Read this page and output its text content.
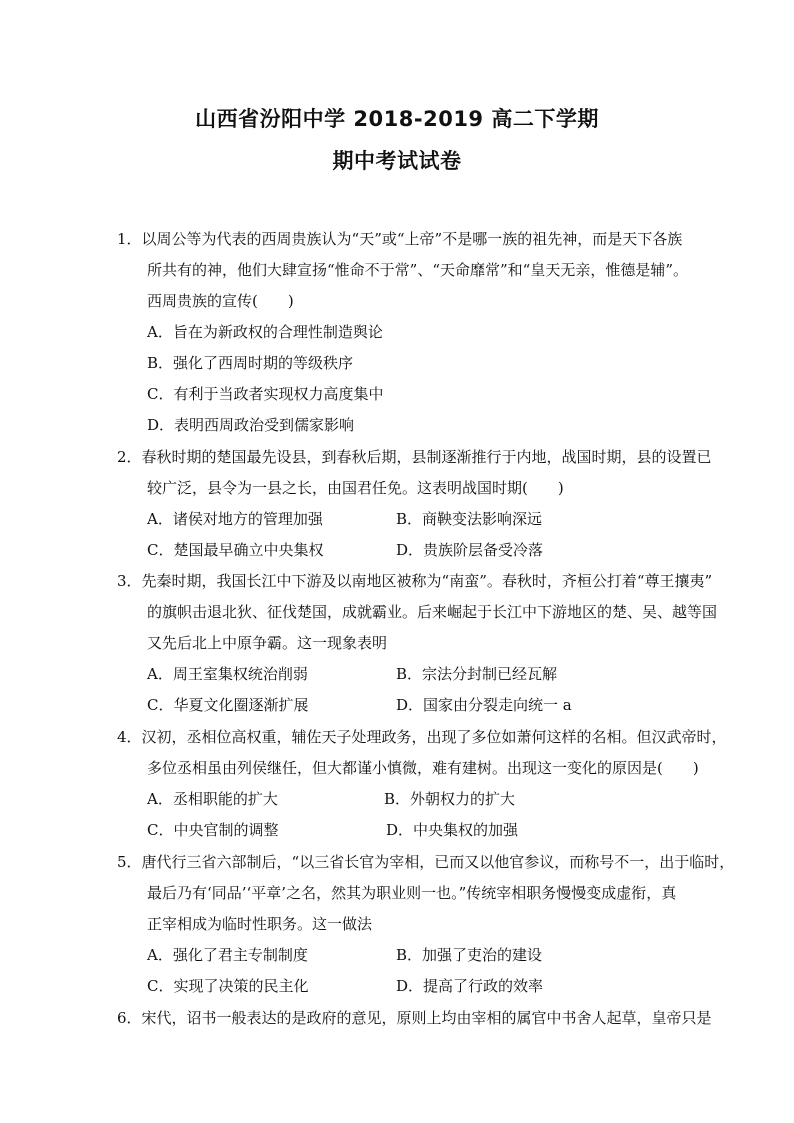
山西省汾阳中学 2018-2019 高二下学期
期中考试试卷
1．以周公等为代表的西周贵族认为“天”或“上帝”不是哪一族的祖先神，而是天下各族
所共有的神，他们大肆宣扬“惟命不于常”、“天命靡常”和“皇天无亲，惟德是辅”。
西周贵族的宣传(　　)
A．旨在为新政权的合理性制造舆论
B．强化了西周时期的等级秩序
C．有利于当政者实现权力高度集中
D．表明西周政治受到儒家影响
2．春秋时期的楚国最先设县，到春秋后期，县制逐渐推行于内地，战国时期，县的设置已
较广泛，县令为一县之长，由国君任免。这表明战国时期(　　)
A．诸侯对地方的管理加强	B．商鞅变法影响深远
C．楚国最早确立中央集权	D．贵族阶层备受冷落
3．先秦时期，我国长江中下游及以南地区被称为“南蛮”。春秋时，齐桓公打着“尊王攘夷”
的旗帜击退北狄、征伐楚国，成就霸业。后来崛起于长江中下游地区的楚、吴、越等国
又先后北上中原争霸。这一现象表明
A．周王室集权统治削弱	B．宗法分封制已经瓦解
C．华夏文化圈逐渐扩展	D．国家由分裂走向统一 a
4．汉初，丞相位高权重，辅佐天子处理政务，出现了多位如萧何这样的名相。但汉武帝时，
多位丞相虽由列侯继任，但大都谨小慎微，难有建树。出现这一变化的原因是(　　)
A．丞相职能的扩大	B．外朝权力的扩大
C．中央官制的调整	D．中央集权的加强
5．唐代行三省六部制后，“以三省长官为宰相，已而又以他官参议，而称号不一，出于临时，
最后乃有‘同品’‘平章’之名，然其为职业则一也。”传统宰相职务慢慢变成虚衔，真
正宰相成为临时性职务。这一做法
A．强化了君主专制制度	B．加强了吏治的建设
C．实现了决策的民主化	D．提高了行政的效率
6．宋代，诏书一般表达的是政府的意见，原则上均由宰相的属官中书舍人起草，皇帝只是
